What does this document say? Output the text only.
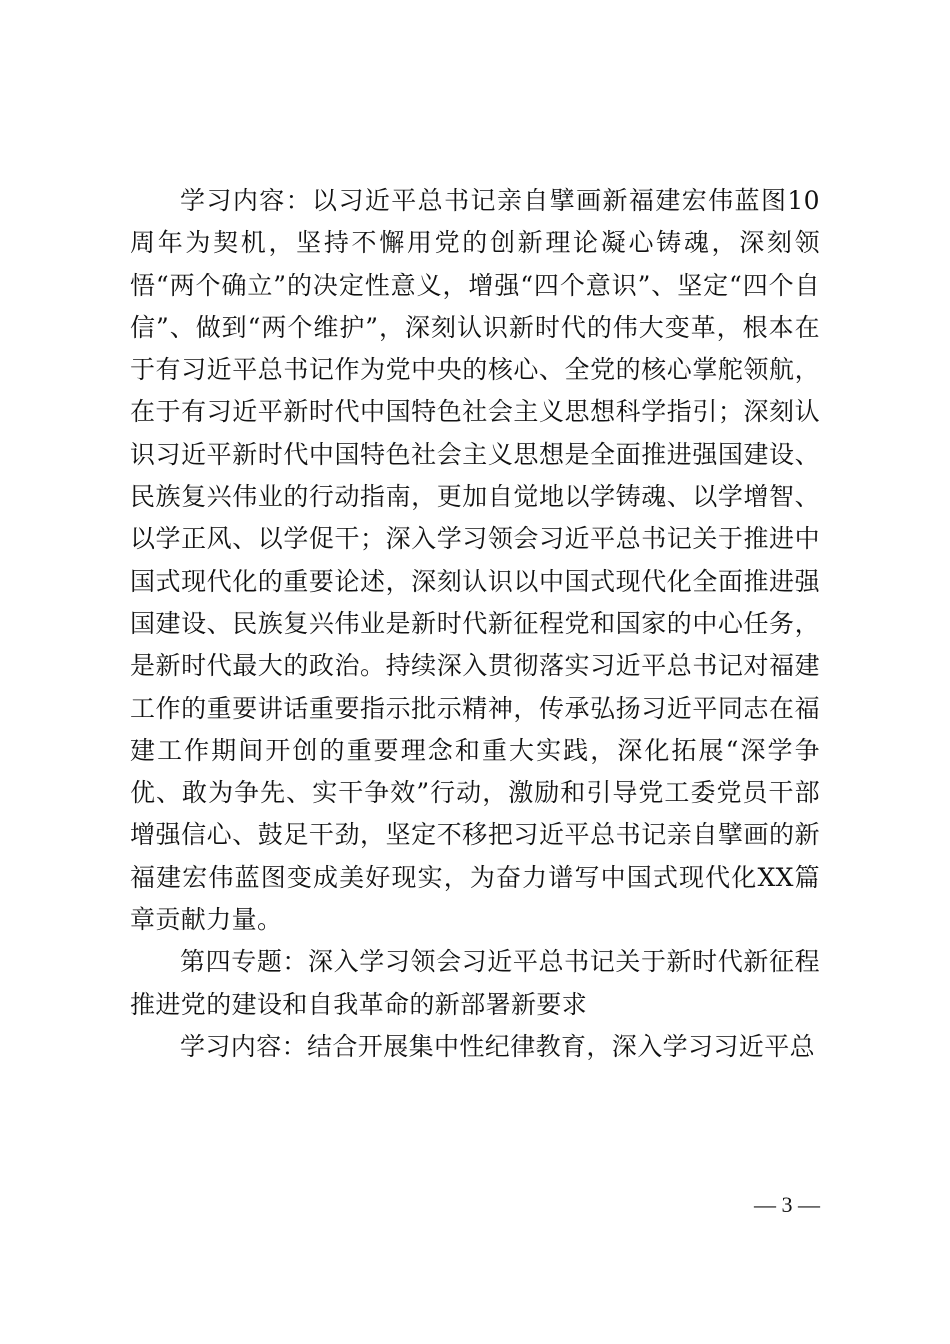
学习内容：以习近平总书记亲自擘画新福建宏伟蓝图10周年为契机，坚持不懈用党的创新理论凝心铸魂，深刻领悟“两个确立”的决定性意义，增强“四个意识”、坚定“四个自信”、做到“两个维护”，深刻认识新时代的伟大变革，根本在于有习近平总书记作为党中央的核心、全党的核心掌舵领航，在于有习近平新时代中国特色社会主义思想科学指引；深刻认识习近平新时代中国特色社会主义思想是全面推进强国建设、民族复兴伟业的行动指南，更加自觉地以学铸魂、以学增智、以学正风、以学促干；深入学习领会习近平总书记关于推进中国式现代化的重要论述，深刻认识以中国式现代化全面推进强国建设、民族复兴伟业是新时代新征程党和国家的中心任务，是新时代最大的政治。持续深入贯彻落实习近平总书记对福建工作的重要讲话重要指示批示精神，传承弘扬习近平同志在福建工作期间开创的重要理念和重大实践，深化拓展“深学争优、敢为争先、实干争效”行动，激励和引导党工委党员干部增强信心、鼓足干劲，坚定不移把习近平总书记亲自擘画的新福建宏伟蓝图变成美好现实，为奋力谱写中国式现代化XX篇章贡献力量。

第四专题：深入学习领会习近平总书记关于新时代新征程推进党的建设和自我革命的新部署新要求

学习内容：结合开展集中性纪律教育，深入学习习近平总

— 3 —
